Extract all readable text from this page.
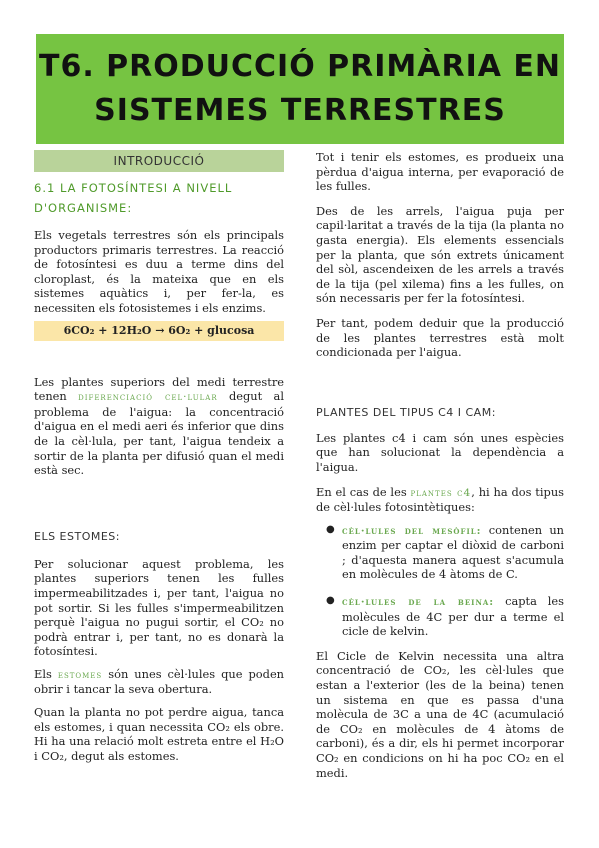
T6. PRODUCCIÓ PRIMÀRIA EN
SISTEMES TERRESTRES
INTRODUCCIÓ
6.1 LA FOTOSÍNTESI A NIVELL D'ORGANISME:

Els vegetals terrestres són els principals productors primaris terrestres. La reacció de fotosíntesi es duu a terme dins del cloroplast, és la mateixa que en els sistemes aquàtics i, per fer-la, es necessiten els fotosistemes i els enzims.

6CO₂ + 12H₂O → 6O₂ + glucosa

Les plantes superiors del medi terrestre tenen diferenciació cel·lular degut al problema de l'aigua: la concentració d'aigua en el medi aeri és inferior que dins de la cèl·lula, per tant, l'aigua tendeix a sortir de la planta per difusió quan el medi està sec.

ELS ESTOMES:

Per solucionar aquest problema, les plantes superiors tenen les fulles impermeabilitzades i, per tant, l'aigua no pot sortir. Si les fulles s'impermeabilitzen perquè l'aigua no pugui sortir, el CO₂ no podrà entrar i, per tant, no es donarà la fotosíntesi.

Els estomes són unes cèl·lules que poden obrir i tancar la seva obertura.

Quan la planta no pot perdre aigua, tanca els estomes, i quan necessita CO₂ els obre. Hi ha una relació molt estreta entre el H₂O i CO₂, degut als estomes.

Tot i tenir els estomes, es produeix una pèrdua d'aigua interna, per evaporació de les fulles.

Des de les arrels, l'aigua puja per capil·laritat a través de la tija (la planta no gasta energia). Els elements essencials per la planta, que són extrets únicament del sòl, ascendeixen de les arrels a través de la tija (pel xilema) fins a les fulles, on són necessaris per fer la fotosíntesi.

Per tant, podem deduir que la producció de les plantes terrestres està molt condicionada per l'aigua.

PLANTES DEL TIPUS C4 I CAM:

Les plantes c4 i cam són unes espècies que han solucionat la dependència a l'aigua.

En el cas de les plantes c4, hi ha dos tipus de cèl·lules fotosintètiques:

● cèl·lules del mesòfil: contenen un enzim per captar el diòxid de carboni ; d'aquesta manera aquest s'acumula en molècules de 4 àtoms de C.
● cèl·lules de la beina: capta les molècules de 4C per dur a terme el cicle de kelvin.

El Cicle de Kelvin necessita una altra concentració de CO₂, les cèl·lules que estan a l'exterior (les de la beina) tenen un sistema en que es passa d'una molècula de 3C a una de 4C (acumulació de CO₂ en molècules de 4 àtoms de carboni), és a dir, els hi permet incorporar CO₂ en condicions on hi ha poc CO₂ en el medi.
